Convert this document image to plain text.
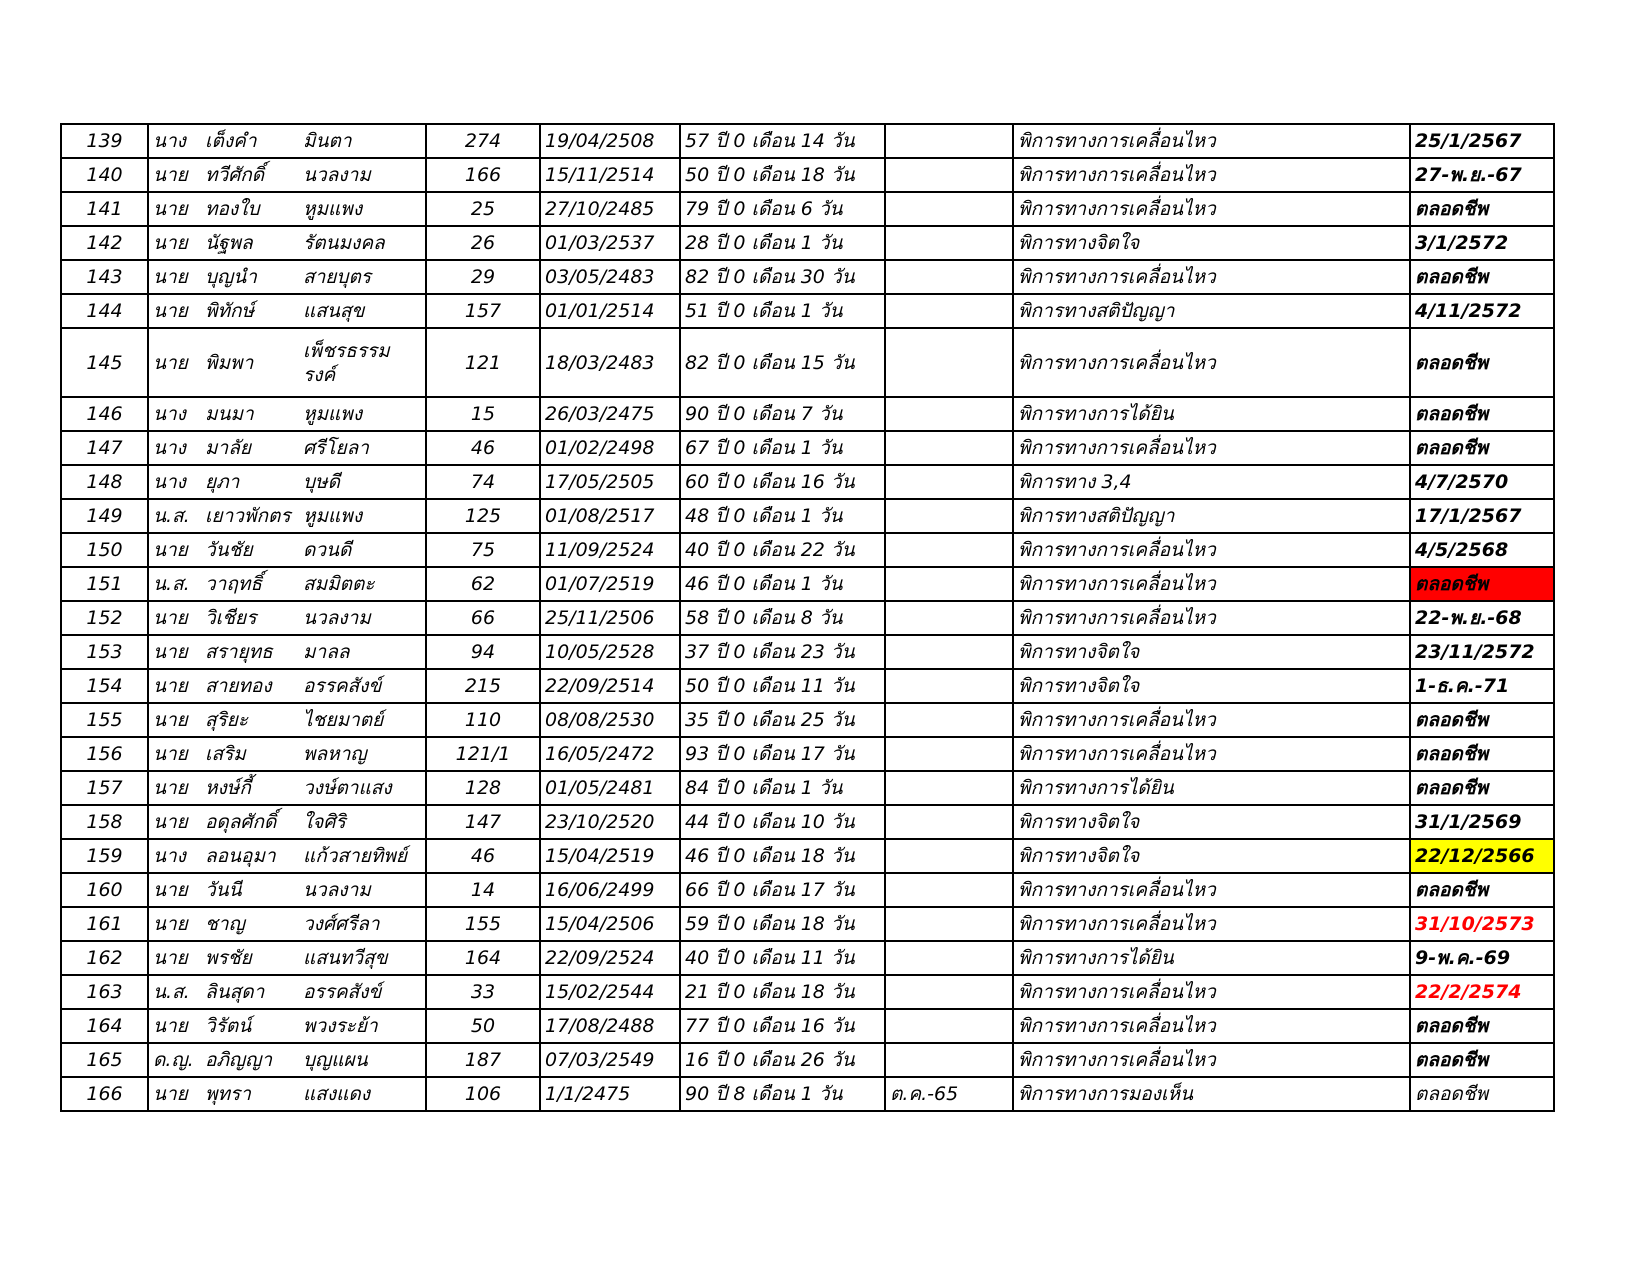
139	นาง	เต็งคำ	มินตา	274	19/04/2508	57 ปี 0 เดือน 14 วัน		พิการทางการเคลื่อนไหว	25/1/2567
140	นาย	ทวีศักดิ์	นวลงาม	166	15/11/2514	50 ปี 0 เดือน 18 วัน		พิการทางการเคลื่อนไหว	27-พ.ย.-67
141	นาย	ทองใบ	หูมแพง	25	27/10/2485	79 ปี 0 เดือน 6 วัน		พิการทางการเคลื่อนไหว	ตลอดชีพ
142	นาย	นัฐพล	รัตนมงคล	26	01/03/2537	28 ปี 0 เดือน 1 วัน		พิการทางจิตใจ	3/1/2572
143	นาย	บุญนำ	สายบุตร	29	03/05/2483	82 ปี 0 เดือน 30 วัน		พิการทางการเคลื่อนไหว	ตลอดชีพ
144	นาย	พิทักษ์	แสนสุข	157	01/01/2514	51 ปี 0 เดือน 1 วัน		พิการทางสติปัญญา	4/11/2572
145	นาย	พิมพา	เพ็ชรธรรม รงค์	121	18/03/2483	82 ปี 0 เดือน 15 วัน		พิการทางการเคลื่อนไหว	ตลอดชีพ
146	นาง	มนมา	หูมแพง	15	26/03/2475	90 ปี 0 เดือน 7 วัน		พิการทางการได้ยิน	ตลอดชีพ
147	นาง	มาลัย	ศรีโยลา	46	01/02/2498	67 ปี 0 เดือน 1 วัน		พิการทางการเคลื่อนไหว	ตลอดชีพ
148	นาง	ยุภา	บุษดี	74	17/05/2505	60 ปี 0 เดือน 16 วัน		พิการทาง 3,4	4/7/2570
149	น.ส.	เยาวพักตร	หูมแพง	125	01/08/2517	48 ปี 0 เดือน 1 วัน		พิการทางสติปัญญา	17/1/2567
150	นาย	วันชัย	ดวนดี	75	11/09/2524	40 ปี 0 เดือน 22 วัน		พิการทางการเคลื่อนไหว	4/5/2568
151	น.ส.	วาฤทธิ์	สมมิตตะ	62	01/07/2519	46 ปี 0 เดือน 1 วัน		พิการทางการเคลื่อนไหว	ตลอดชีพ
152	นาย	วิเชียร	นวลงาม	66	25/11/2506	58 ปี 0 เดือน 8 วัน		พิการทางการเคลื่อนไหว	22-พ.ย.-68
153	นาย	สรายุทธ	มาลล	94	10/05/2528	37 ปี 0 เดือน 23 วัน		พิการทางจิตใจ	23/11/2572
154	นาย	สายทอง	อรรคสังข์	215	22/09/2514	50 ปี 0 เดือน 11 วัน		พิการทางจิตใจ	1-ธ.ค.-71
155	นาย	สุริยะ	ไชยมาตย์	110	08/08/2530	35 ปี 0 เดือน 25 วัน		พิการทางการเคลื่อนไหว	ตลอดชีพ
156	นาย	เสริม	พลหาญ	121/1	16/05/2472	93 ปี 0 เดือน 17 วัน		พิการทางการเคลื่อนไหว	ตลอดชีพ
157	นาย	หงษ์กี้	วงษ์ตาแสง	128	01/05/2481	84 ปี 0 เดือน 1 วัน		พิการทางการได้ยิน	ตลอดชีพ
158	นาย	อดุลศักดิ์	ใจศิริ	147	23/10/2520	44 ปี 0 เดือน 10 วัน		พิการทางจิตใจ	31/1/2569
159	นาง	ลอนอุมา	แก้วสายทิพย์	46	15/04/2519	46 ปี 0 เดือน 18 วัน		พิการทางจิตใจ	22/12/2566
160	นาย	วันนี	นวลงาม	14	16/06/2499	66 ปี 0 เดือน 17 วัน		พิการทางการเคลื่อนไหว	ตลอดชีพ
161	นาย	ชาญ	วงศ์ศรีลา	155	15/04/2506	59 ปี 0 เดือน 18 วัน		พิการทางการเคลื่อนไหว	31/10/2573
162	นาย	พรชัย	แสนทวีสุข	164	22/09/2524	40 ปี 0 เดือน 11 วัน		พิการทางการได้ยิน	9-พ.ค.-69
163	น.ส.	ลินสุดา	อรรคสังข์	33	15/02/2544	21 ปี 0 เดือน 18 วัน		พิการทางการเคลื่อนไหว	22/2/2574
164	นาย	วิรัตน์	พวงระย้า	50	17/08/2488	77 ปี 0 เดือน 16 วัน		พิการทางการเคลื่อนไหว	ตลอดชีพ
165	ด.ญ.	อภิญญา	บุญแผน	187	07/03/2549	16 ปี 0 เดือน 26 วัน		พิการทางการเคลื่อนไหว	ตลอดชีพ
166	นาย	พุทรา	แสงแดง	106	1/1/2475	90 ปี 8 เดือน 1 วัน	ต.ค.-65	พิการทางการมองเห็น	ตลอดชีพ
